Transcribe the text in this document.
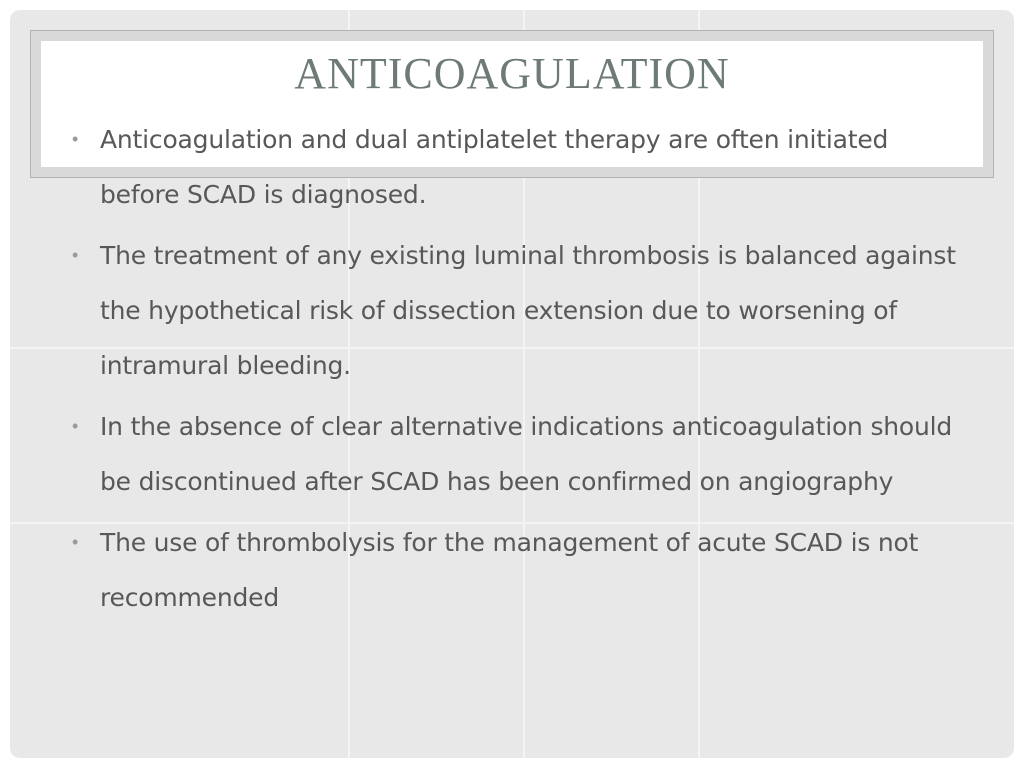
ANTICOAGULATION
• Anticoagulation and dual antiplatelet therapy are often initiated before SCAD is diagnosed.
• The treatment of any existing luminal thrombosis is balanced against the hypothetical risk of dissection extension due to worsening of intramural bleeding.
• In the absence of clear alternative indications anticoagulation should be discontinued after SCAD has been confirmed on angiography
• The use of thrombolysis for the management of acute SCAD is not recommended
